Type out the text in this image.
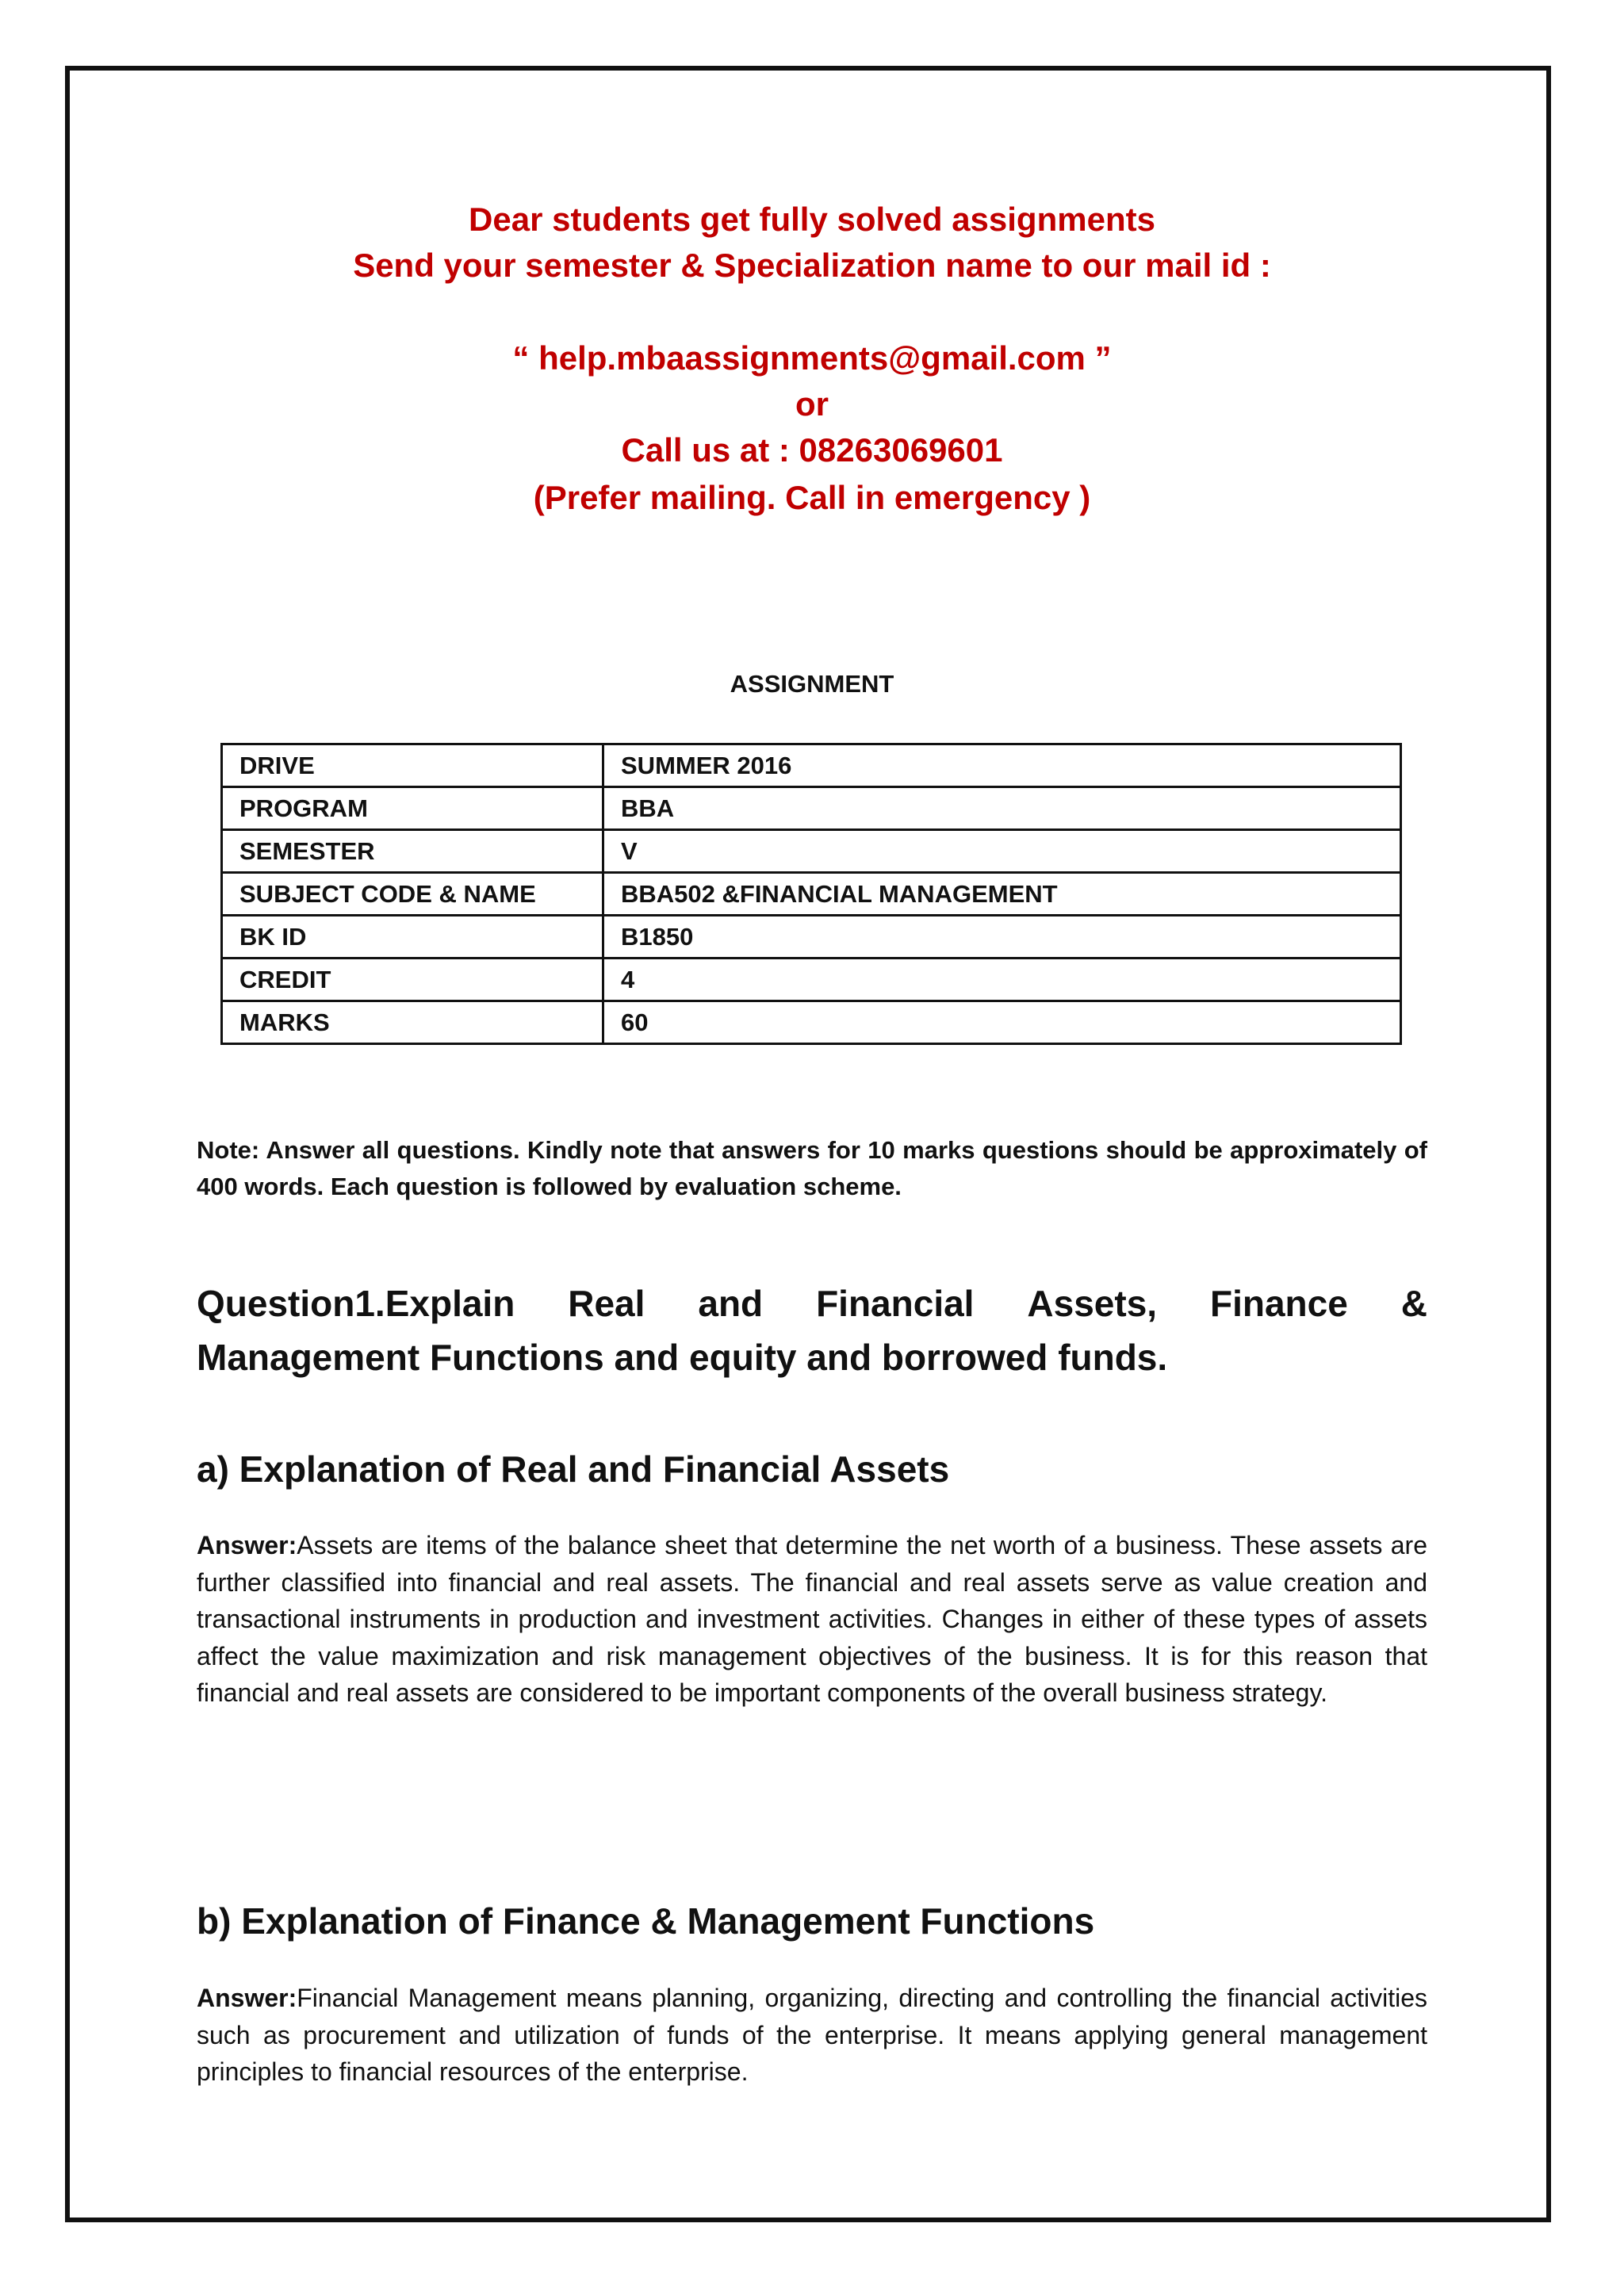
Dear students get fully solved assignments
Send your semester & Specialization name to our mail id :
“ help.mbaassignments@gmail.com ”
or
Call us at : 08263069601
(Prefer mailing. Call in emergency )
ASSIGNMENT
DRIVE	SUMMER 2016
PROGRAM	BBA
SEMESTER	V
SUBJECT CODE & NAME	BBA502 &FINANCIAL MANAGEMENT
BK ID	B1850
CREDIT	4
MARKS	60
Note: Answer all questions. Kindly note that answers for 10 marks questions should be approximately of 400 words. Each question is followed by evaluation scheme.
Question1.Explain Real and Financial Assets, Finance &
Management Functions and equity and borrowed funds.
a) Explanation of Real and Financial Assets
Answer:Assets are items of the balance sheet that determine the net worth of a business. These assets are further classified into financial and real assets. The financial and real assets serve as value creation and transactional instruments in production and investment activities. Changes in either of these types of assets affect the value maximization and risk management objectives of the business. It is for this reason that financial and real assets are considered to be important components of the overall business strategy.
b) Explanation of Finance & Management Functions
Answer:Financial Management means planning, organizing, directing and controlling the financial activities such as procurement and utilization of funds of the enterprise. It means applying general management principles to financial resources of the enterprise.
